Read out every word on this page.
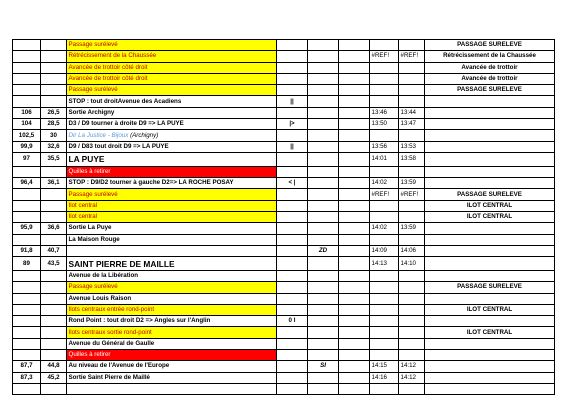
		Passage surélevé						PASSAGE SURELEVE
		Rétrécissement de la Chaussée				#REF!	#REF!	Rétrécissement de la Chaussée
		Avancée de trottoir côté droit						Avancée de trottoir
		Avancée de trottoir côté droit						Avancée de trottoir
		Passage surélevé						PASSAGE SURELEVE
		STOP : tout droitAvenue des Acadiens	||					
106	26,5	Sortie Archigny				13:46	13:44	
104	28,5	D3 / D9 tourner à droite D9 => LA PUYE	|>			13:50	13:47	
102,5	30	Dir La Justice - Bijoux (Archigny)						
99,9	32,6	D9 / D83 tout droit D9 => LA PUYE	||			13:56	13:53	
97	35,5	LA PUYE				14:01	13:58	
		Quilles à retirer						
96,4	36,1	STOP : D9/D2 tourner à gauche D2=> LA ROCHE POSAY	< |			14:02	13:59	
		Passage surélevé				#REF!	#REF!	PASSAGE SURELEVE
		Ilot central						ILOT CENTRAL
		Ilot central						ILOT CENTRAL
95,9	36,6	Sortie La Puye				14:02	13:59	
		La Maison Rouge						
91,8	40,7			ZD		14:09	14:06	
89	43,5	SAINT PIERRE DE MAILLE				14:13	14:10	
		Avenue de la Libération						
		Passage surélevé						PASSAGE SURELEVE
		Avenue Louis Raison						
		Ilots centraux entrée rond-point						ILOT CENTRAL
		Rond Point : tout droit D2 => Angles sur l'Anglin	0 I					
		Ilots centraux sortie rond-point						ILOT CENTRAL
		Avenue du Général de Gaulle						
		Quilles à retirer						
87,7	44,8	Au niveau de l'Avenue de l'Europe		SI		14:15	14:12	
87,3	45,2	Sortie Saint Pierre de Maillé				14:16	14:12	
